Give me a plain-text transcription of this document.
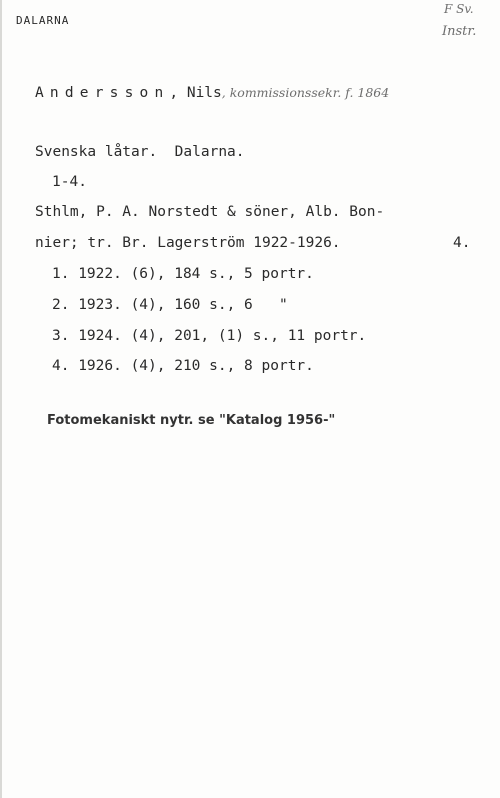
DALARNA
F Sv.
Instr.
Andersson, Nils, kommissionssekr. f. 1864
Svenska låtar.  Dalarna.
1-4.
Sthlm, P. A. Norstedt & söner, Alb. Bon-
nier; tr. Br. Lagerström 1922-1926.	4.
1. 1922. (6), 184 s., 5 portr.
2. 1923. (4), 160 s., 6   "
3. 1924. (4), 201, (1) s., 11 portr.
4. 1926. (4), 210 s., 8 portr.
Fotomekaniskt nytr. se "Katalog 1956-"
